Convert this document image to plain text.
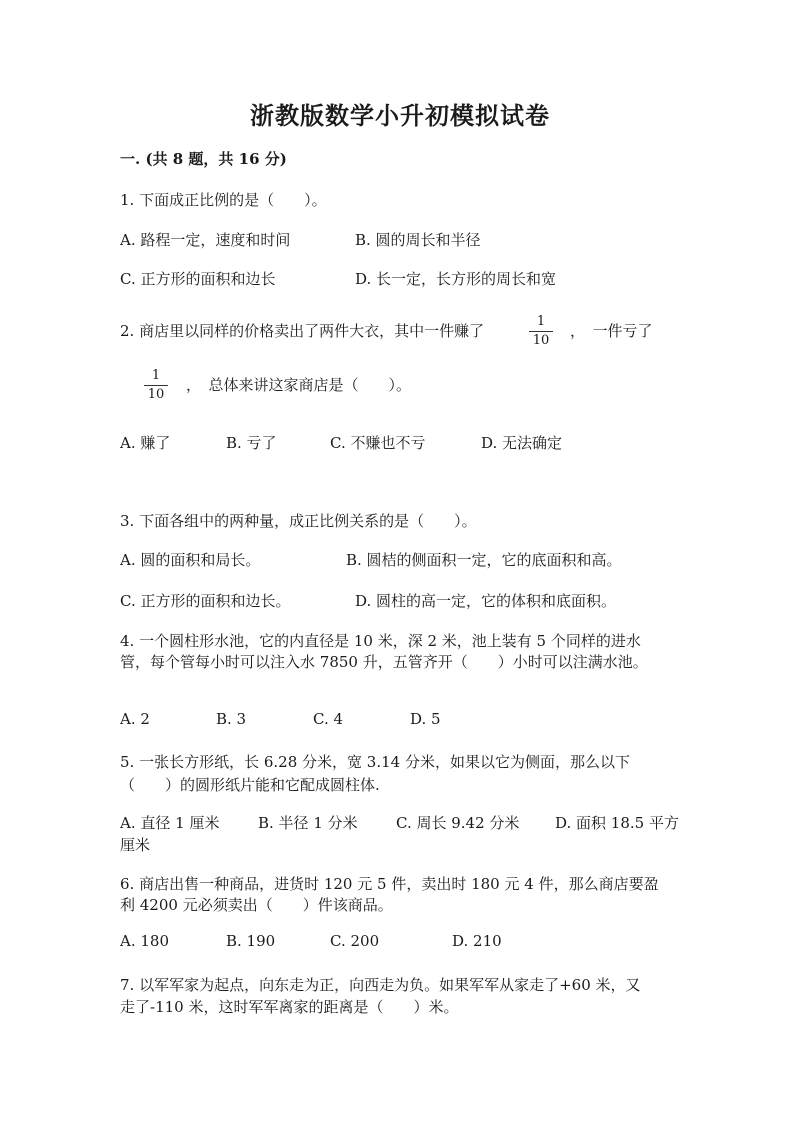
浙教版数学小升初模拟试卷
一. (共 8 题，共 16 分)
1. 下面成正比例的是（　　）。
A. 路程一定，速度和时间	B. 圆的周长和半径
C. 正方形的面积和边长	D. 长一定，长方形的周长和宽
2. 商店里以同样的价格卖出了两件大衣，其中一件赚了
1
10
，　一件亏了
1
10
，　总体来讲这家商店是（　　）。
A. 赚了	B. 亏了	C. 不赚也不亏	D. 无法确定
3. 下面各组中的两种量，成正比例关系的是（　　）。
A. 圆的面积和局长。	B. 圆桔的侧面积一定，它的底面积和高。
C. 正方形的面积和边长。	D. 圆柱的高一定，它的体积和底面积。
4. 一个圆柱形水池，它的内直径是 10 米，深 2 米，池上装有 5 个同样的进水
管，每个管每小时可以注入水 7850 升，五管齐开（　　）小时可以注满水池。
A. 2	B. 3	C. 4	D. 5
5. 一张长方形纸，长 6.28 分米，宽 3.14 分米，如果以它为侧面，那么以下
（　　）的圆形纸片能和它配成圆柱体.
A. 直径 1 厘米	B. 半径 1 分米	C. 周长 9.42 分米 D. 面积 18.5 平方
厘米
6. 商店出售一种商品，进货时 120 元 5 件，卖出时 180 元 4 件，那么商店要盈
利 4200 元必须卖出（　　）件该商品。
A. 180	B. 190	C. 200	D. 210
7. 以军军家为起点，向东走为正，向西走为负。如果军军从家走了+60 米，又
走了-110 米，这时军军离家的距离是（　　）米。
